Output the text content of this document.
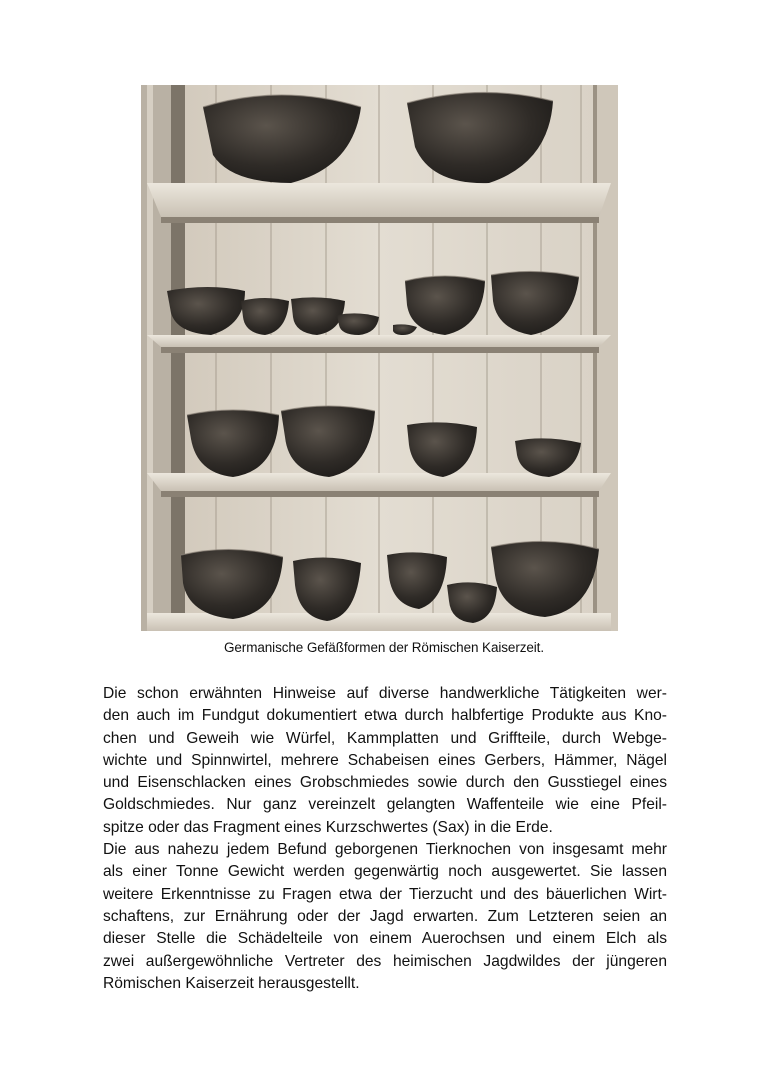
Germanische Gefäßformen der Römischen Kaiserzeit.

Die schon erwähnten Hinweise auf diverse handwerkliche Tätigkeiten wer-
den auch im Fundgut dokumentiert etwa durch halbfertige Produkte aus Kno-
chen und Geweih wie Würfel, Kammplatten und Griffteile, durch Webge-
wichte und Spinnwirtel, mehrere Schabeisen eines Gerbers, Hämmer, Nägel
und Eisenschlacken eines Grobschmiedes sowie durch den Gusstiegel eines
Goldschmiedes. Nur ganz vereinzelt gelangten Waffenteile wie eine Pfeil-
spitze oder das Fragment eines Kurzschwertes (Sax) in die Erde.

Die aus nahezu jedem Befund geborgenen Tierknochen von insgesamt mehr
als einer Tonne Gewicht werden gegenwärtig noch ausgewertet. Sie lassen
weitere Erkenntnisse zu Fragen etwa der Tierzucht und des bäuerlichen Wirt-
schaftens, zur Ernährung oder der Jagd erwarten. Zum Letzteren seien an
dieser Stelle die Schädelteile von einem Auerochsen und einem Elch als
zwei außergewöhnliche Vertreter des heimischen Jagdwildes der jüngeren
Römischen Kaiserzeit herausgestellt.
